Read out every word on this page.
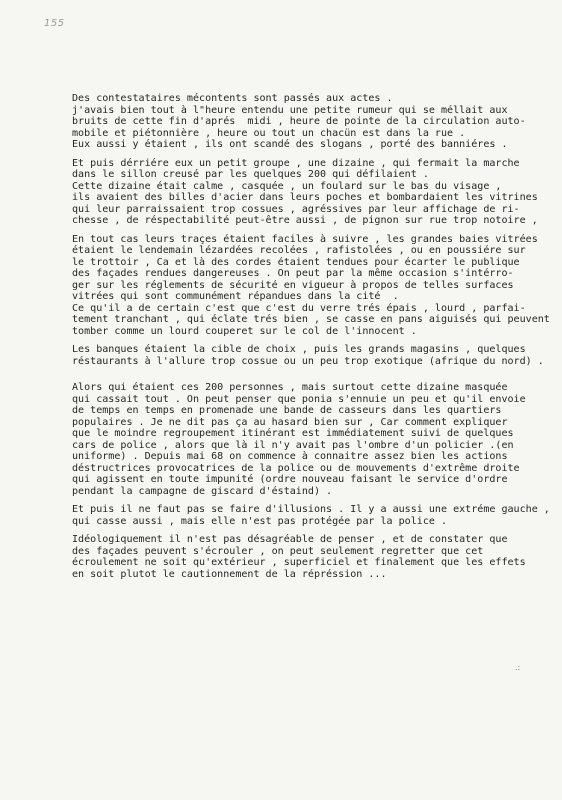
155
Des contestataires mécontents sont passés aux actes .
j'avais bien tout à l"heure entendu une petite rumeur qui se méllait aux
bruits de cette fin d'aprés  midi , heure de pointe de la circulation auto-
mobile et piétonnière , heure ou tout un chacün est dans la rue .
Eux aussi y étaient , ils ont scandé des slogans , porté des banniéres .
Et puis dérriére eux un petit groupe , une dizaine , qui fermait la marche
dans le sillon creusé par les quelques 200 qui défilaient .
Cette dizaine était calme , casquée , un foulard sur le bas du visage ,
ils avaient des billes d'acier dans leurs poches et bombardaient les vitrines
qui leur parraissaient trop cossues , agréssives par leur affichage de ri-
chesse , de réspectabilité peut-être aussi , de pignon sur rue trop notoire ,
En tout cas leurs traçes étaient faciles à suivre , les grandes baies vitrées
étaient le lendemain lézardées recolées , rafistolées , ou en poussiére sur
le trottoir , Ca et là des cordes étaient tendues pour écarter le publique
des façades rendues dangereuses . On peut par la même occasion s'intérro-
ger sur les réglements de sécurité en vigueur à propos de telles surfaces
vitrées qui sont communément répandues dans la cité  .
Ce qu'il a de certain c'est que c'est du verre trés épais , lourd , parfai-
tement tranchant , qui éclate trés bien , se casse en pans aiguisés qui peuvent
tomber comme un lourd couperet sur le col de l'innocent .
Les banques étaient la cible de choix , puis les grands magasins , quelques
réstaurants à l'allure trop cossue ou un peu trop exotique (afrique du nord) .
Alors qui étaient ces 200 personnes , mais surtout cette dizaine masquée
qui cassait tout . On peut penser que ponia s'ennuie un peu et qu'il envoie
de temps en temps en promenade une bande de casseurs dans les quartiers
populaires . Je ne dit pas ça au hasard bien sur , Car comment expliquer
que le moindre regroupement itinérant est immédiatement suivi de quelques
cars de police , alors que là il n'y avait pas l'ombre d'un policier .(en
uniforme) . Depuis mai 68 on commence à connaitre assez bien les actions
déstructrices provocatrices de la police ou de mouvements d'extrême droite
qui agissent en toute impunité (ordre nouveau faisant le service d'ordre
pendant la campagne de giscard d'éstaind) .
Et puis il ne faut pas se faire d'illusions . Il y a aussi une extréme gauche ,
qui casse aussi , mais elle n'est pas protégée par la police .
Idéologiquement il n'est pas désagréable de penser , et de constater que
des façades peuvent s'écrouler , on peut seulement regretter que cet
écroulement ne soit qu'extérieur , superficiel et finalement que les effets
en soit plutot le cautionnement de la répréssion ...
.:
